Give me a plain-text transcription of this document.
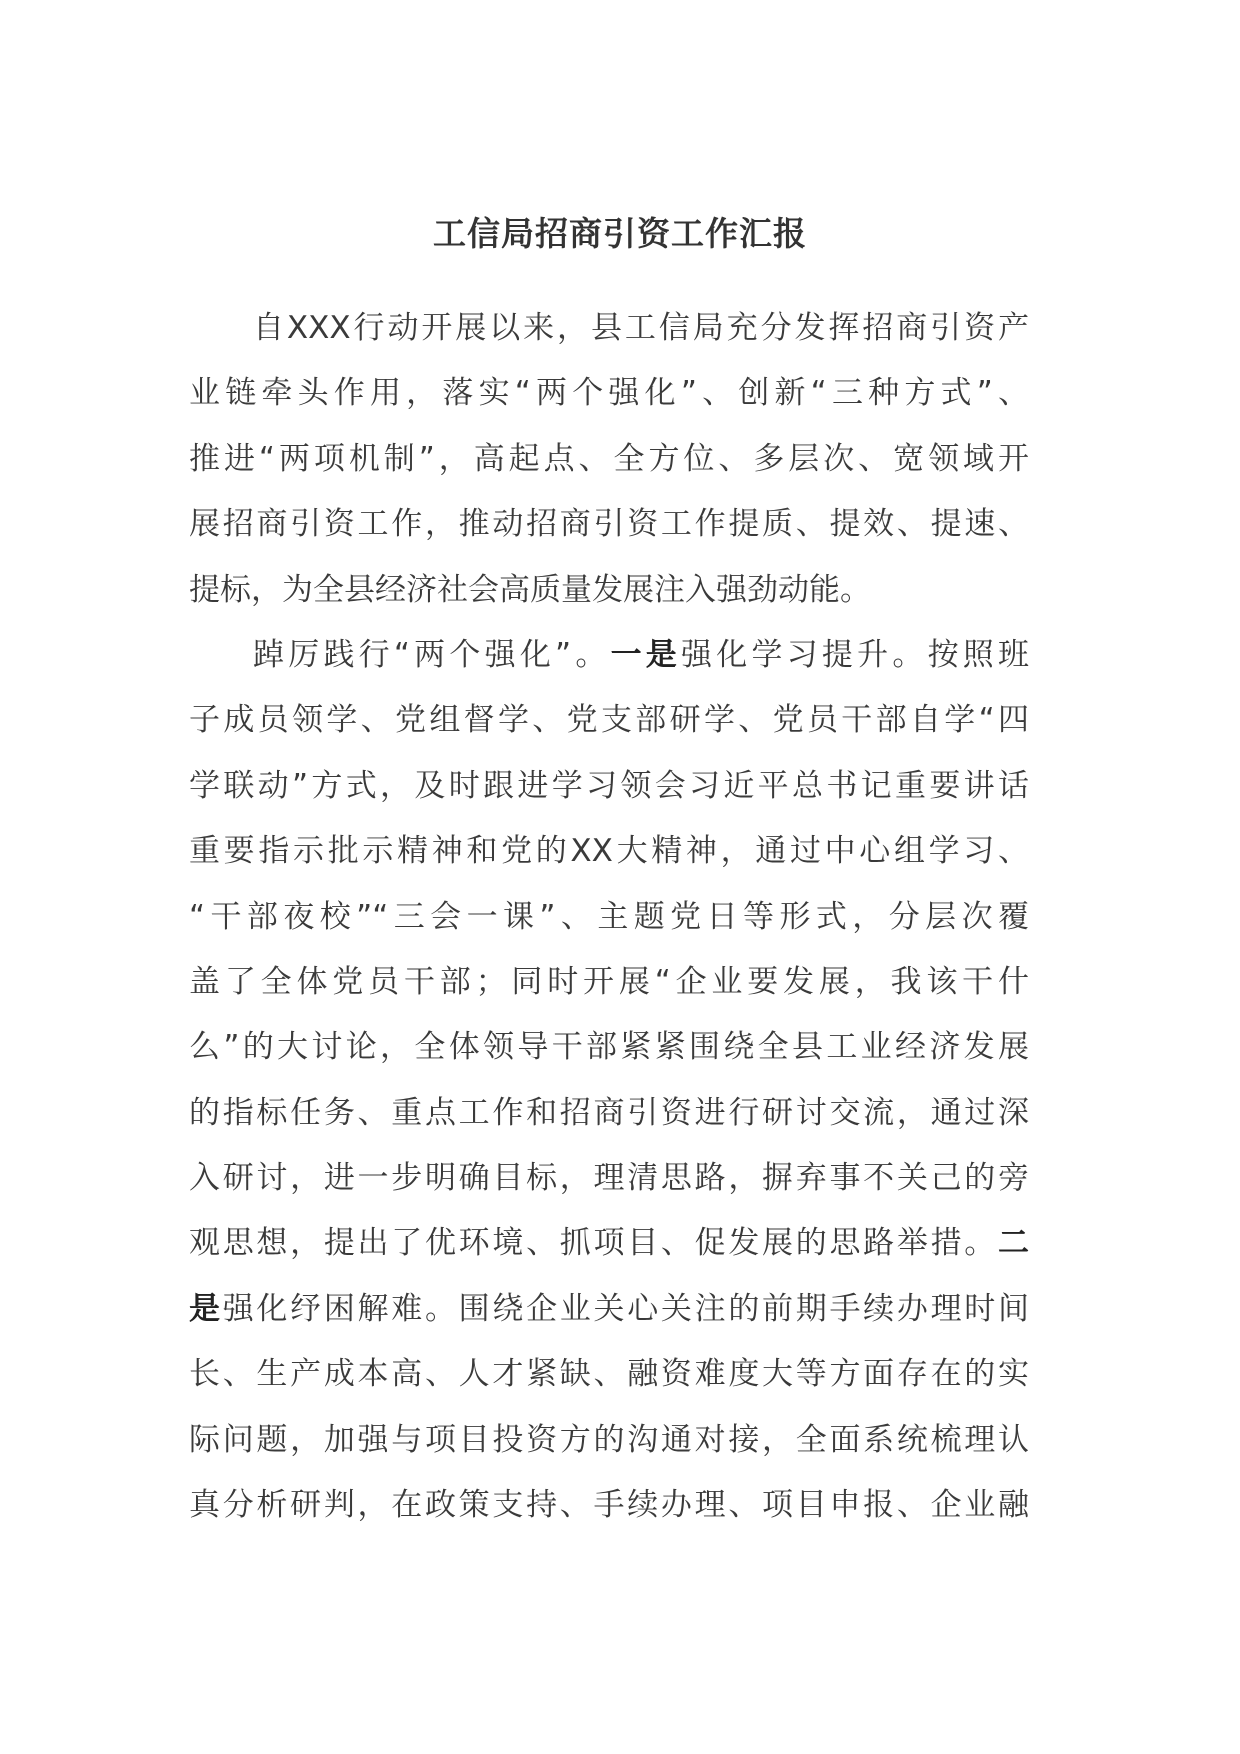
工信局招商引资工作汇报
自XXX行动开展以来，县工信局充分发挥招商引资产
业链牵头作用，落实“两个强化”、创新“三种方式”、
推进“两项机制”，高起点、全方位、多层次、宽领域开
展招商引资工作，推动招商引资工作提质、提效、提速、
提标，为全县经济社会高质量发展注入强劲动能。
踔厉践行“两个强化”。一是强化学习提升。按照班
子成员领学、党组督学、党支部研学、党员干部自学“四
学联动”方式，及时跟进学习领会习近平总书记重要讲话
重要指示批示精神和党的XX大精神，通过中心组学习、
“干部夜校”“三会一课”、主题党日等形式，分层次覆
盖了全体党员干部；同时开展“企业要发展，我该干什
么”的大讨论，全体领导干部紧紧围绕全县工业经济发展
的指标任务、重点工作和招商引资进行研讨交流，通过深
入研讨，进一步明确目标，理清思路，摒弃事不关己的旁
观思想，提出了优环境、抓项目、促发展的思路举措。二
是强化纾困解难。围绕企业关心关注的前期手续办理时间
长、生产成本高、人才紧缺、融资难度大等方面存在的实
际问题，加强与项目投资方的沟通对接，全面系统梳理认
真分析研判，在政策支持、手续办理、项目申报、企业融
